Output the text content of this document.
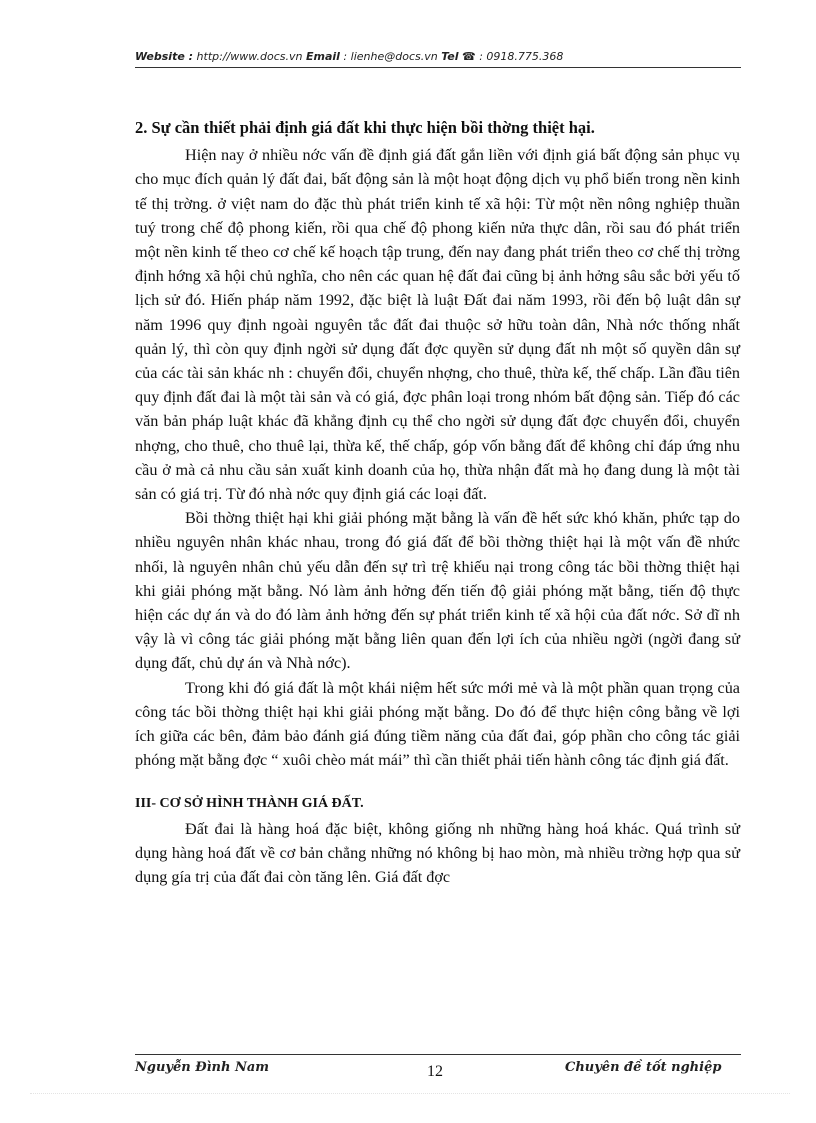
Website : http://www.docs.vn Email : lienhe@docs.vn Tel ☎ : 0918.775.368
2. Sự cần thiết phải định giá đất khi thực hiện bồi thờng thiệt hại.

Hiện nay ở nhiều nớc vấn đề định giá đất gắn liền với định giá bất động sản phục vụ cho mục đích quản lý đất đai, bất động sản là một hoạt động dịch vụ phổ biến trong nền kinh tế thị trờng. ở việt nam do đặc thù phát triển kinh tế xã hội: Từ một nền nông nghiệp thuần tuý trong chế độ phong kiến, rồi qua chế độ phong kiến nửa thực dân, rồi sau đó phát triển một nền kinh tế theo cơ chế kế hoạch tập trung, đến nay đang phát triển theo cơ chế thị trờng định hớng xã hội chủ nghĩa, cho nên các quan hệ đất đai cũng bị ảnh hởng sâu sắc bởi yếu tố lịch sử đó. Hiến pháp năm 1992, đặc biệt là luật Đất đai năm 1993, rồi đến bộ luật dân sự năm 1996 quy định ngoài nguyên tắc đất đai thuộc sở hữu toàn dân, Nhà nớc thống nhất quản lý, thì còn quy định ngời sử dụng đất đợc quyền sử dụng đất nh một số quyền dân sự của các tài sản khác nh : chuyển đổi, chuyển nhợng, cho thuê, thừa kế, thế chấp. Lần đầu tiên quy định đất đai là một tài sản và có giá, đợc phân loại trong nhóm bất động sản. Tiếp đó các văn bản pháp luật khác đã khẳng định cụ thể cho ngời sử dụng đất đợc chuyển đổi, chuyển nhợng, cho thuê, cho thuê lại, thừa kế, thế chấp, góp vốn bằng đất để không chỉ đáp ứng nhu cầu ở mà cả nhu cầu sản xuất kinh doanh của họ, thừa nhận đất mà họ đang dung là một tài sản có giá trị. Từ đó nhà nớc quy định giá các loại đất.

Bồi thờng thiệt hại khi giải phóng mặt bằng là vấn đề hết sức khó khăn, phức tạp do nhiều nguyên nhân khác nhau, trong đó giá đất để bồi thờng thiệt hại là một vấn đề nhức nhối, là nguyên nhân chủ yếu dẫn đến sự trì trệ khiếu nại trong công tác bồi thờng thiệt hại khi giải phóng mặt bằng. Nó làm ảnh hởng đến tiến độ giải phóng mặt bằng, tiến độ thực hiện các dự án và do đó làm ảnh hởng đến sự phát triển kinh tế xã hội của đất nớc. Sở dĩ nh vậy là vì công tác giải phóng mặt bằng liên quan đến lợi ích của nhiều ngời (ngời đang sử dụng đất, chủ dự án và Nhà nớc).

Trong khi đó giá đất là một khái niệm hết sức mới mẻ và là một phần quan trọng của công tác bồi thờng thiệt hại khi giải phóng mặt bằng. Do đó để thực hiện công bằng về lợi ích giữa các bên, đảm bảo đánh giá đúng tiềm năng của đất đai, góp phần cho công tác giải phóng mặt bằng đợc “ xuôi chèo mát mái” thì cần thiết phải tiến hành công tác định giá đất.

III- CƠ SỞ HÌNH THÀNH GIÁ ĐẤT.

Đất đai là hàng hoá đặc biệt, không giống nh những hàng hoá khác. Quá trình sử dụng hàng hoá đất về cơ bản chẳng những nó không bị hao mòn, mà nhiều trờng hợp qua sử dụng gía trị của đất đai còn tăng lên. Giá đất đợc

Nguyễn Đình Nam	12	Chuyên đề tốt nghiệp
